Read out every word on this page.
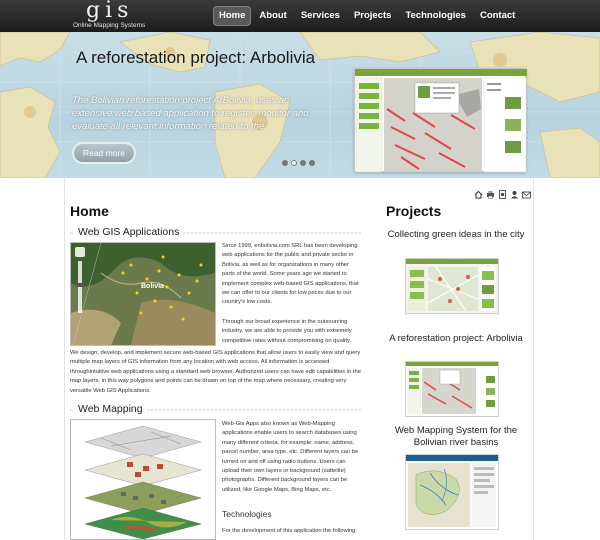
gis
Online Mapping Systems
Home	About	Services	Projects	Technologies	Contact
A reforestation project: Arbolivia
The Bolivian reforestation project ArBolivia, uses an extensive web based application to register, monitor and evaluate all relevant information related to the
Read more
Home
Web GIS Applications
Bolivia
Since 1999, enbolivia.com SRL has been developing web applications for the public and private sector in Bolivia, as well as for organizations in many other parts of the world. Some years ago we started to implement complex web-based GIS applications, that we can offer to our clients for low prices due to our country's low costs.
Through our broad experience in the outsourcing industry, we are able to provide you with extremely competitive rates without compromising on quality.
We design, develop, and implement secure web-based GIS applications that allow users to easily view and query multiple map layers of GIS information from any location with web access. All information is accessed throughintuitive web applications using a standard web browser. Authorized users can have edit capabilities in the map layers, in this way polygons and points can be drawn on top of the map where necessary, creating very versatile Web GIS Applications.
Web Mapping
Web-Gis Apps also known as Web-Mapping applications enable users to search databases using many different criteria, for example: name, address, parcel number, area type, etc. Different layers can be turned on and off using radio buttons. Users can upload their own layers or background (sattelite) photographs. Different background layers can be utilized, like Google Maps, Bing Maps, etc.
Technologies
For the development of this application the following
Projects
Collecting green ideas in the city
A reforestation project: Arbolivia
Web Mapping System for the Bolivian river basins
